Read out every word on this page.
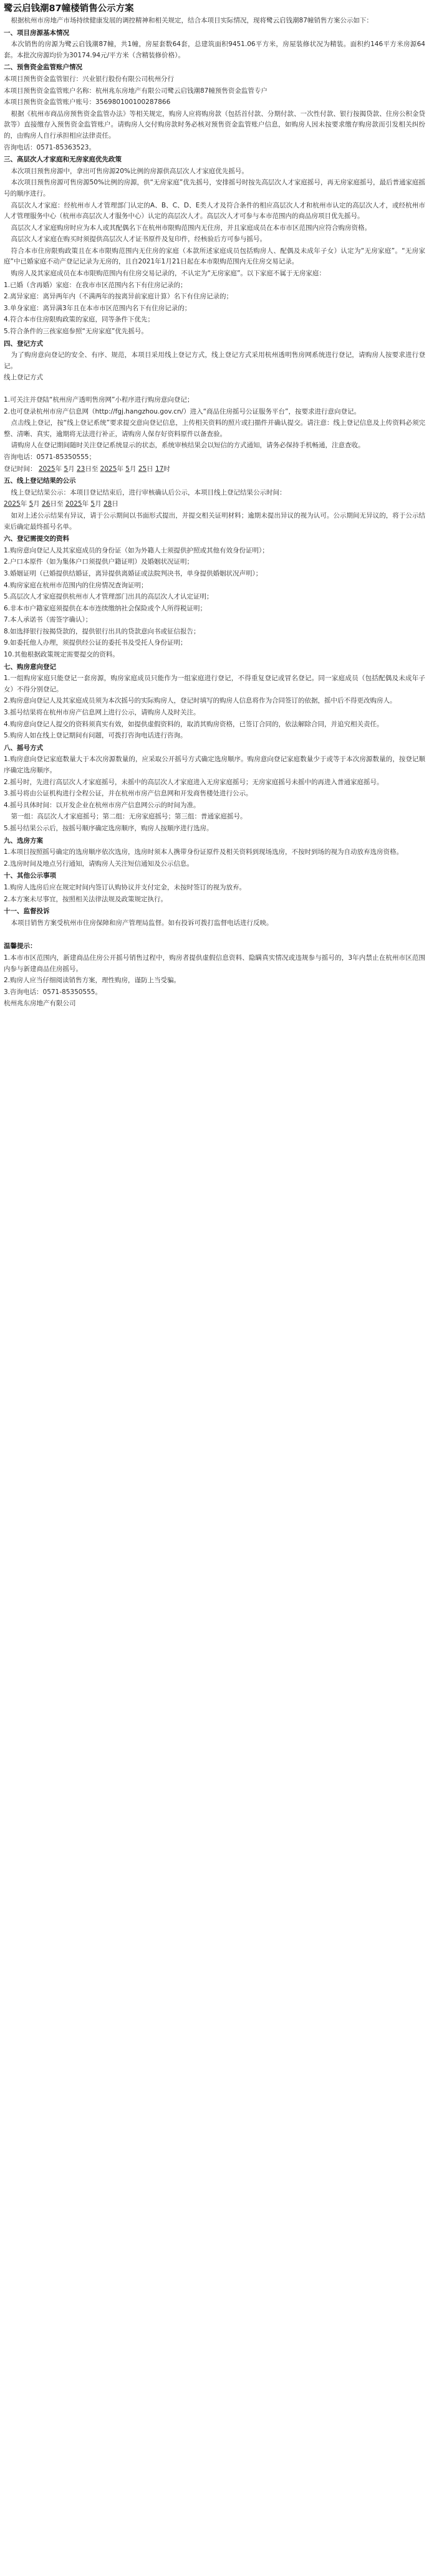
鹭云启钱潮87幢楼销售公示方案
根据杭州市房地产市场持续健康发展的调控精神和相关规定，结合本项目实际情况，现将鹭云启钱潮87幢销售方案公示如下：
一、项目房源基本情况
本次销售的房源为鹭云启钱潮87幢，共1幢，房屋套数64套，总建筑面积9451.06平方米，房屋装修状况为精装。面积约146平方米房源64套。本批次房源均价为30174.94元/平方米（含精装修价格）。
二、预售资金监管账户情况
本项目预售资金监管银行：兴业银行股份有限公司杭州分行
本项目预售资金监管账户名称：杭州兆东房地产有限公司鹭云启钱潮87幢预售资金监管专户
本项目预售资金监管账户账号：356980100100287866
根据《杭州市商品房预售资金监管办法》等相关规定，购房人应将购房款（包括首付款、分期付款、一次性付款、银行按揭贷款、住房公积金贷款等）直接缴存入预售资金监管账户。请购房人交付购房款时务必核对预售资金监管账户信息，如购房人因未按要求缴存购房款而引发相关纠纷的，由购房人自行承担相应法律责任。
咨询电话：0571-85363523。
三、高层次人才家庭和无房家庭优先政策
本次项目预售房源中，拿出可售房源20%比例的房源供高层次人才家庭优先摇号。
本次项目预售房源可售房源50%比例的房源，供“无房家庭”优先摇号，安排摇号时按先高层次人才家庭摇号，再无房家庭摇号，最后普通家庭摇号的顺序进行。
高层次人才家庭：经杭州市人才管理部门认定的A、B、C、D、E类人才及符合条件的相应高层次人才和杭州市认定的高层次人才，或经杭州市人才管理服务中心（杭州市高层次人才服务中心）认定的高层次人才。高层次人才可参与本市范围内的商品房项目优先摇号。
高层次人才家庭购房时应为本人或其配偶名下在杭州市限购范围内无住房，并且家庭成员在本市市区范围内应符合购房资格。
高层次人才家庭在购买时须提供高层次人才证书原件及复印件，经核验后方可参与摇号。
符合本市住房限购政策且在本市限购范围内无住房的家庭（本款所述家庭成员包括购房人、配偶及未成年子女）认定为“无房家庭”。“无房家庭”中已婚家庭不动产登记记录为无房的，且自2021年1月21日起在本市限购范围内无住房交易记录。
购房人及其家庭成员在本市限购范围内有住房交易记录的，不认定为“无房家庭”。以下家庭不属于无房家庭：
1.已婚（含再婚）家庭：在我市市区范围内名下有住房记录的；
2.离异家庭：离异两年内（不满两年的按离异前家庭计算）名下有住房记录的；
3.单身家庭：离异满3年且在本市市区范围内名下有住房记录的；
4.符合本市住房限购政策的家庭，同等条件下优先；
5.符合条件的三孩家庭参照“无房家庭”优先摇号。
四、登记方式
为了购房意向登记的安全、有序、规范，本项目采用线上登记方式，线上登记方式采用杭州透明售房网系统进行登记，请购房人按要求进行登记。
线上登记方式
1.可关注并登陆“杭州房产透明售房网”小程序进行购房意向登记；
2.也可登录杭州市房产信息网（http://fgj.hangzhou.gov.cn/）进入“商品住房摇号公证服务平台”，按要求进行意向登记。
点击线上登记，按“线上登记系统”要求提交意向登记信息，上传相关资料的照片或扫描件并确认提交。请注意：线上登记信息及上传资料必须完整、清晰、真实，逾期将无法进行补正，请购房人保存好资料原件以备查验。
请购房人在登记期间随时关注登记系统显示的状态，系统审核结果会以短信的方式通知，请务必保持手机畅通，注意查收。
咨询电话：0571-85350555；
登记时间： 2025年 5月 23日至 2025年 5月 25日 17时
五、线上登记结果的公示
线上登记结果公示：本项目登记结束后，进行审核确认后公示，本项目线上登记结果公示时间：
2025年 5月 26日至 2025年 5月 28日
如对上述公示结果有异议，请于公示期间以书面形式提出，并提交相关证明材料；逾期未提出异议的视为认可。公示期间无异议的，将于公示结束后确定最终摇号名单。
六、登记需提交的资料
1.购房意向登记人及其家庭成员的身份证（如为外籍人士须提供护照或其他有效身份证明）；
2.户口本原件（如为集体户口须提供户籍证明）及婚姻状况证明；
3.婚姻证明（已婚提供结婚证，离异提供离婚证或法院判决书，单身提供婚姻状况声明）；
4.购房家庭在杭州市范围内的住房情况查询证明；
5.高层次人才家庭提供杭州市人才管理部门出具的高层次人才认定证明；
6.非本市户籍家庭须提供在本市连续缴纳社会保险或个人所得税证明；
7.本人承诺书（需签字确认）；
8.如选择银行按揭贷款的，提供银行出具的贷款意向书或征信报告；
9.如委托他人办理，须提供经公证的委托书及受托人身份证明；
10.其他根据政策规定需要提交的资料。
七、购房意向登记
1.一组购房家庭只能登记一套房源，购房家庭成员只能作为一组家庭进行登记，不得重复登记或冒名登记。同一家庭成员（包括配偶及未成年子女）不得分别登记。
2.购房意向登记人及其家庭成员须为本次摇号的实际购房人，登记时填写的购房人信息将作为合同签订的依据，摇中后不得更改购房人。
3.摇号结果将在杭州市房产信息网上进行公示，请购房人及时关注。
4.购房意向登记人提交的资料须真实有效，如提供虚假资料的，取消其购房资格，已签订合同的，依法解除合同，并追究相关责任。
5.购房人如在线上登记期间有问题，可拨打咨询电话进行咨询。
八、摇号方式
1.购房意向登记家庭数量大于本次房源数量的，应采取公开摇号方式确定选房顺序。购房意向登记家庭数量少于或等于本次房源数量的，按登记顺序确定选房顺序。
2.摇号时，先进行高层次人才家庭摇号，未摇中的高层次人才家庭进入无房家庭摇号；无房家庭摇号未摇中的再进入普通家庭摇号。
3.摇号将由公证机构进行全程公证，并在杭州市房产信息网和开发商售楼处进行公示。
4.摇号具体时间：以开发企业在杭州市房产信息网公示的时间为准。
第一组：高层次人才家庭摇号；第二组：无房家庭摇号；第三组：普通家庭摇号。
5.摇号结果公示后，按摇号顺序确定选房顺序，购房人按顺序进行选房。
九、选房方案
1.本项目按照摇号确定的选房顺序依次选房，选房时须本人携带身份证原件及相关资料到现场选房，不按时到场的视为自动放弃选房资格。
2.选房时间及地点另行通知，请购房人关注短信通知及公示信息。
十、其他公示事项
1.购房人选房后应在规定时间内签订认购协议并支付定金，未按时签订的视为放弃。
2.本方案未尽事宜，按照相关法律法规及政策规定执行。
十一、监督投诉
本项目销售方案受杭州市住房保障和房产管理局监督。如有投诉可拨打监督电话进行反映。
温馨提示：
1.本市市区范围内，新建商品住房公开摇号销售过程中，购房者提供虚假信息资料、隐瞒真实情况或违规参与摇号的，3年内禁止在杭州市区范围内参与新建商品住房摇号。
2.购房人应当仔细阅读销售方案，理性购房，谨防上当受骗。
3.咨询电话：0571-85350555。
杭州兆东房地产有限公司
